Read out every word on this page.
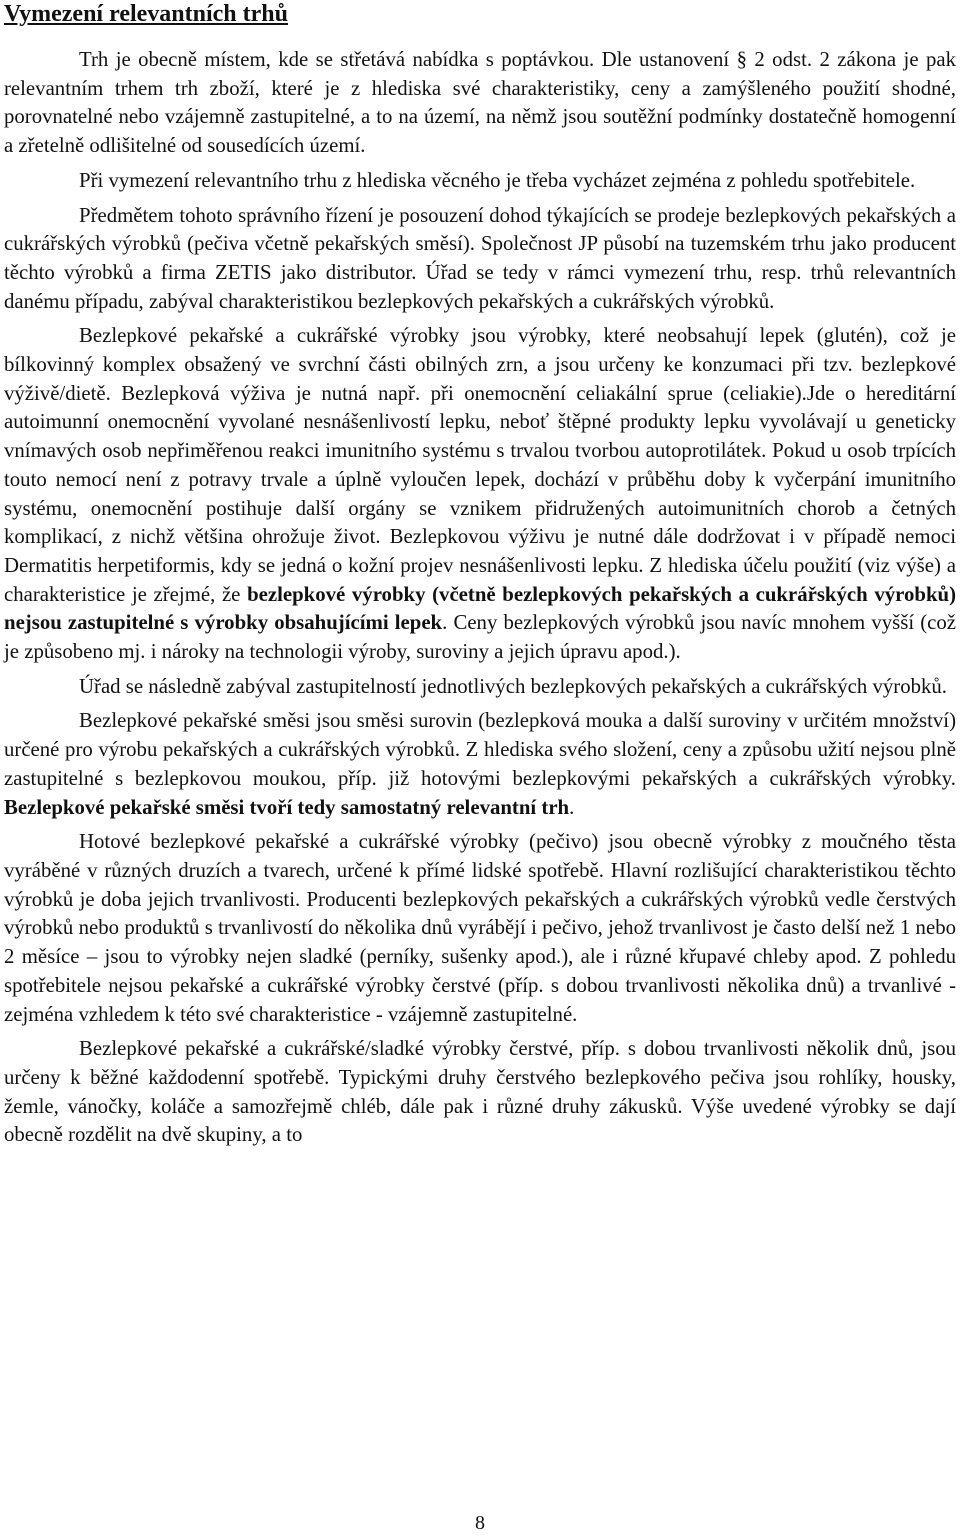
Vymezení relevantních trhů

Trh je obecně místem, kde se střetává nabídka s poptávkou. Dle ustanovení § 2 odst. 2 zákona je pak relevantním trhem trh zboží, které je z hlediska své charakteristiky, ceny a zamýšleného použití shodné, porovnatelné nebo vzájemně zastupitelné, a to na území, na němž jsou soutěžní podmínky dostatečně homogenní a zřetelně odlišitelné od sousedících území.

Při vymezení relevantního trhu z hlediska věcného je třeba vycházet zejména z pohledu spotřebitele.

Předmětem tohoto správního řízení je posouzení dohod týkajících se prodeje bezlepkových pekařských a cukrářských výrobků (pečiva včetně pekařských směsí). Společnost JP působí na tuzemském trhu jako producent těchto výrobků a firma ZETIS jako distributor. Úřad se tedy v rámci vymezení trhu, resp. trhů relevantních danému případu, zabýval charakteristikou bezlepkových pekařských a cukrářských výrobků.

Bezlepkové pekařské a cukrářské výrobky jsou výrobky, které neobsahují lepek (glutén), což je bílkovinný komplex obsažený ve svrchní části obilných zrn, a jsou určeny ke konzumaci při tzv. bezlepkové výživě/dietě. Bezlepková výživa je nutná např. při onemocnění celiakální sprue (celiakie).Jde o hereditární autoimunní onemocnění vyvolané nesnášenlivostí lepku, neboť štěpné produkty lepku vyvolávají u geneticky vnímavých osob nepřiměřenou reakci imunitního systému s trvalou tvorbou autoprotilátek. Pokud u osob trpících touto nemocí není z potravy trvale a úplně vyloučen lepek, dochází v průběhu doby k vyčerpání imunitního systému, onemocnění postihuje další orgány se vznikem přidružených autoimunitních chorob a četných komplikací, z nichž většina ohrožuje život. Bezlepkovou výživu je nutné dále dodržovat i v případě nemoci Dermatitis herpetiformis, kdy se jedná o kožní projev nesnášenlivosti lepku. Z hlediska účelu použití (viz výše) a charakteristice je zřejmé, že bezlepkové výrobky (včetně bezlepkových pekařských a cukrářských výrobků) nejsou zastupitelné s výrobky obsahujícími lepek. Ceny bezlepkových výrobků jsou navíc mnohem vyšší (což je způsobeno mj. i nároky na technologii výroby, suroviny a jejich úpravu apod.).

Úřad se následně zabýval zastupitelností jednotlivých bezlepkových pekařských a cukrářských výrobků.

Bezlepkové pekařské směsi jsou směsi surovin (bezlepková mouka a další suroviny v určitém množství) určené pro výrobu pekařských a cukrářských výrobků. Z hlediska svého složení, ceny a způsobu užití nejsou plně zastupitelné s bezlepkovou moukou, příp. již hotovými bezlepkovými pekařských a cukrářských výrobky. Bezlepkové pekařské směsi tvoří tedy samostatný relevantní trh.

Hotové bezlepkové pekařské a cukrářské výrobky (pečivo) jsou obecně výrobky z moučného těsta vyráběné v různých druzích a tvarech, určené k přímé lidské spotřebě. Hlavní rozlišující charakteristikou těchto výrobků je doba jejich trvanlivosti. Producenti bezlepkových pekařských a cukrářských výrobků vedle čerstvých výrobků nebo produktů s trvanlivostí do několika dnů vyrábějí i pečivo, jehož trvanlivost je často delší než 1 nebo 2 měsíce – jsou to výrobky nejen sladké (perníky, sušenky apod.), ale i různé křupavé chleby apod. Z pohledu spotřebitele nejsou pekařské a cukrářské výrobky čerstvé (příp. s dobou trvanlivosti několika dnů) a trvanlivé - zejména vzhledem k této své charakteristice - vzájemně zastupitelné.

Bezlepkové pekařské a cukrářské/sladké výrobky čerstvé, příp. s dobou trvanlivosti několik dnů, jsou určeny k běžné každodenní spotřebě. Typickými druhy čerstvého bezlepkového pečiva jsou rohlíky, housky, žemle, vánočky, koláče a samozřejmě chléb, dále pak i různé druhy zákusků. Výše uvedené výrobky se dají obecně rozdělit na dvě skupiny, a to

8
